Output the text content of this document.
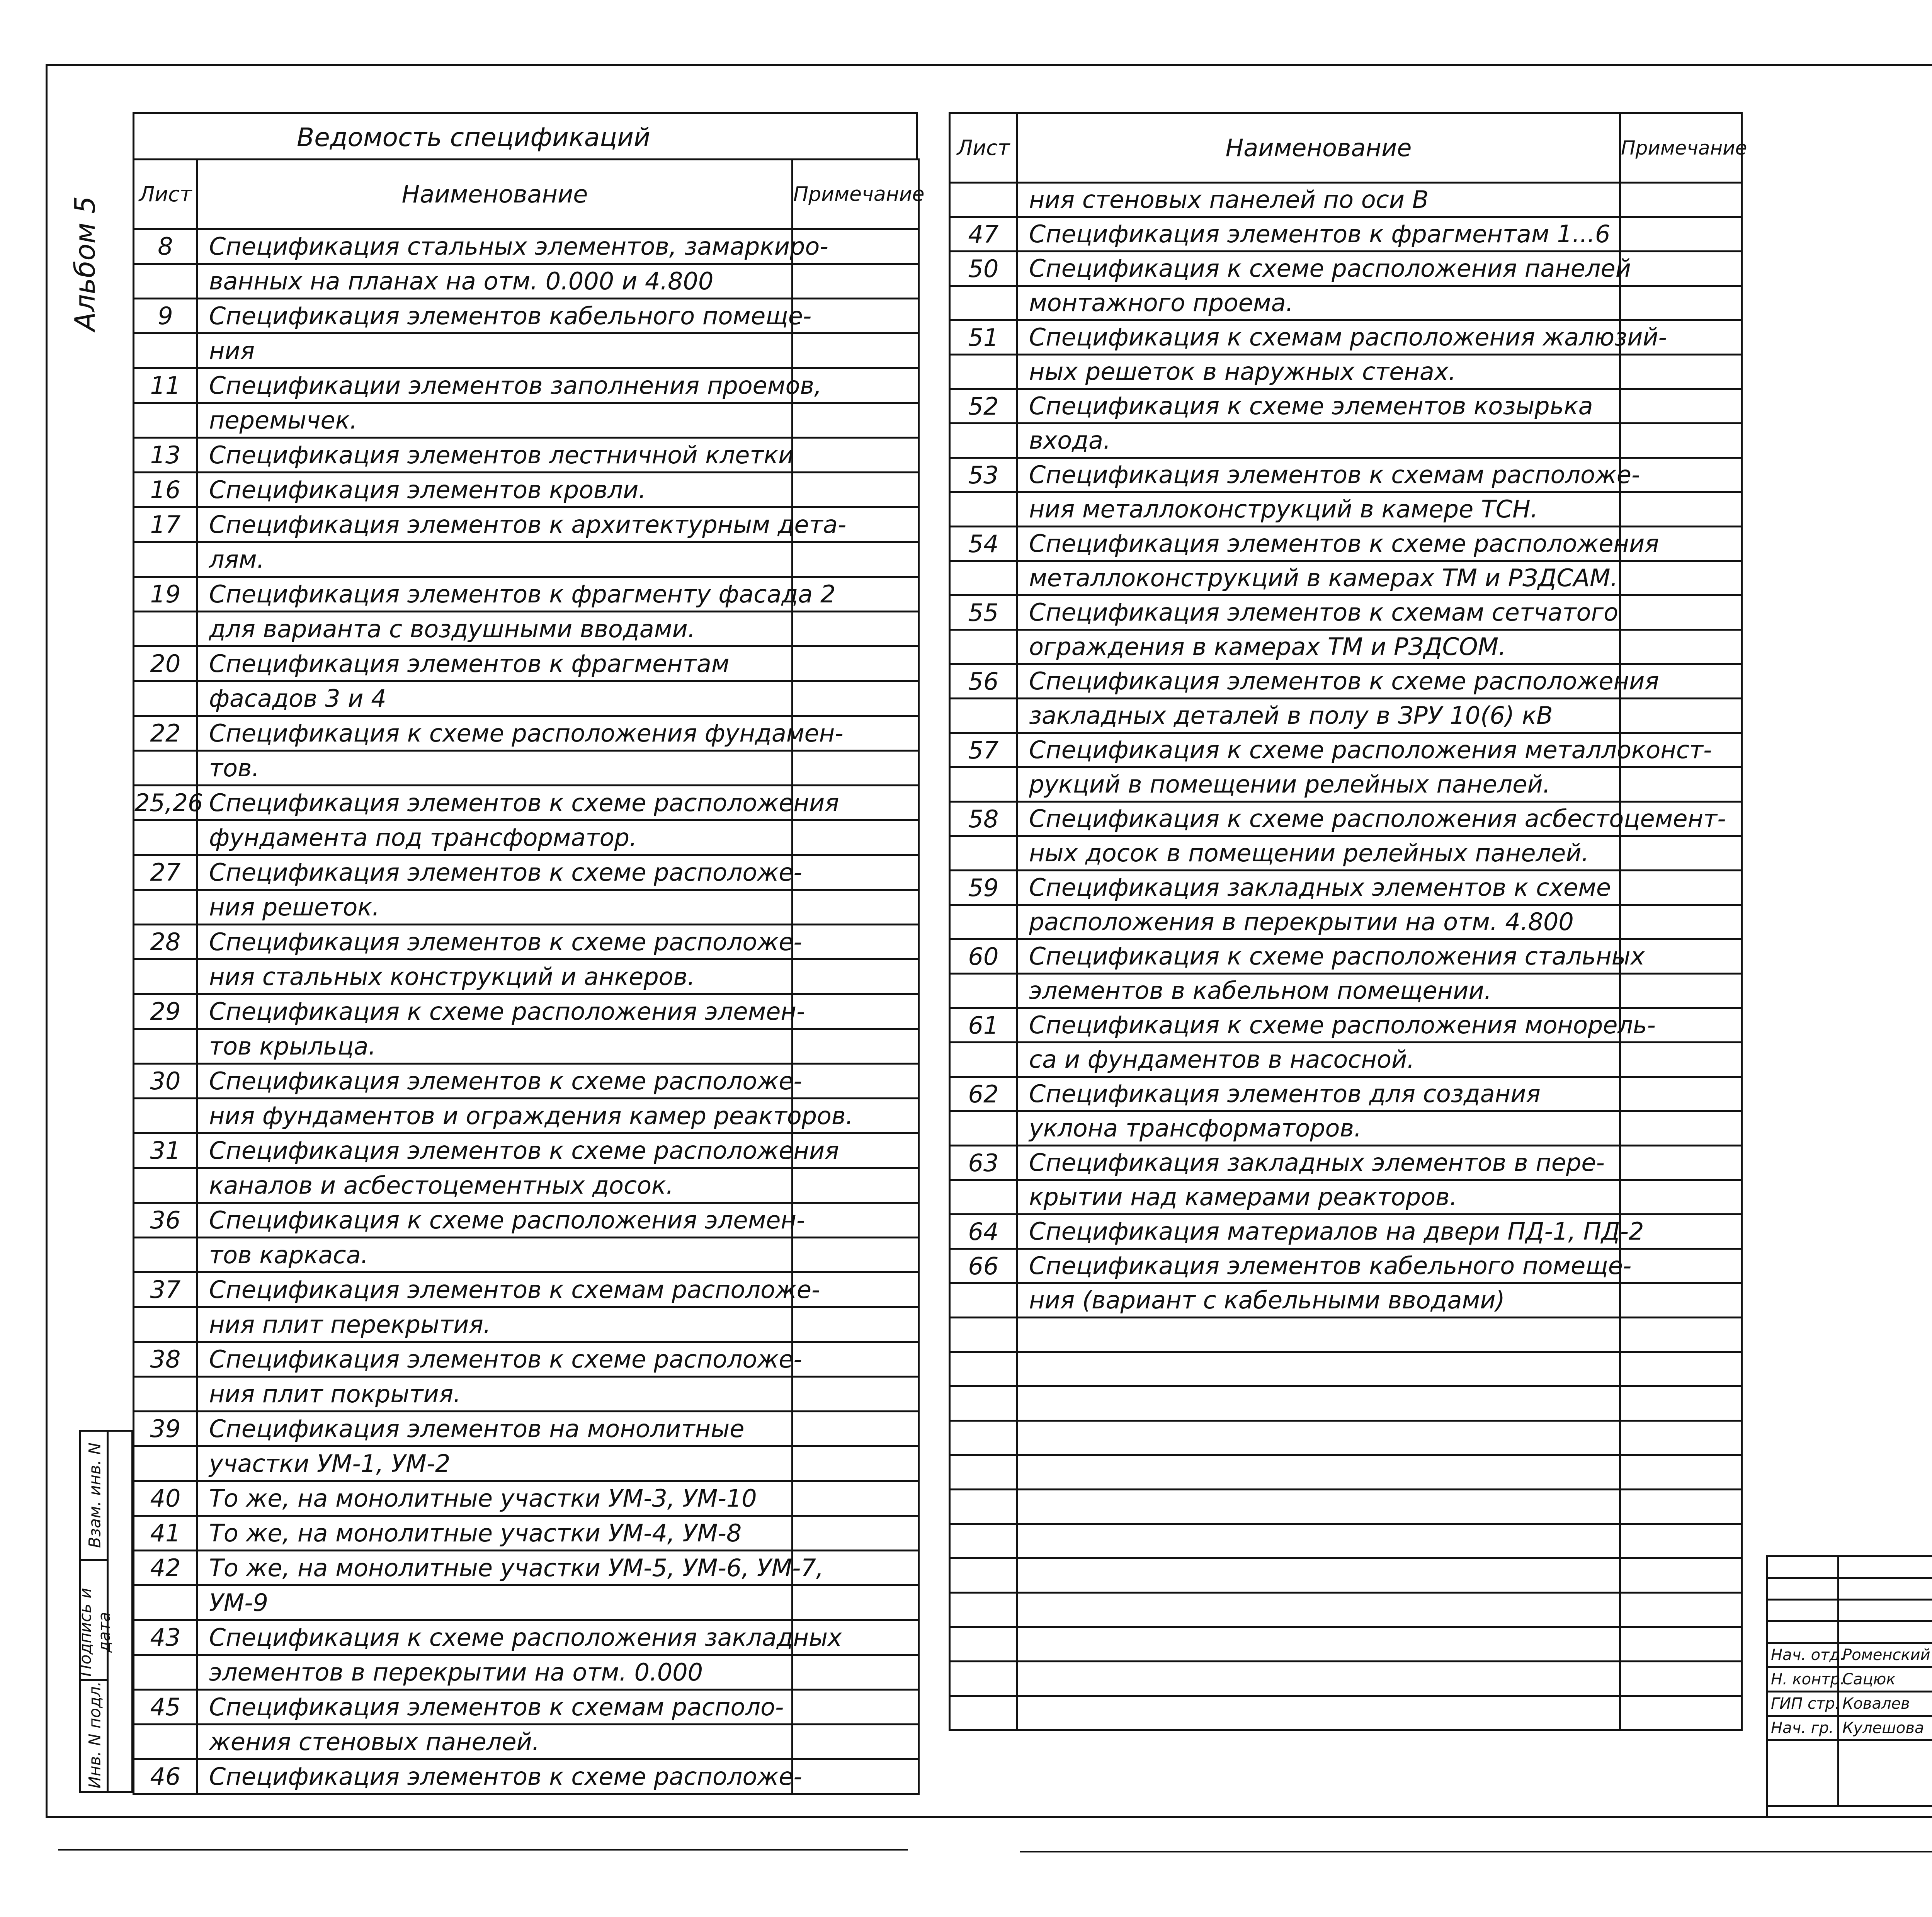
Альбом 5
Ведомость спецификаций
Лист	Наименование	Примечание
8	Спецификация стальных элементов, замаркиро-	
	ванных на планах на отм. 0.000 и 4.800	
9	Спецификация элементов кабельного помеще-	
	ния	
11	Спецификации элементов заполнения проемов,	
	перемычек.	
13	Спецификация элементов лестничной клетки	
16	Спецификация элементов кровли.	
17	Спецификация элементов к архитектурным дета-	
	лям.	
19	Спецификация элементов к фрагменту фасада 2	
	для варианта с воздушными вводами.	
20	Спецификация элементов к фрагментам	
	фасадов 3 и 4	
22	Спецификация к схеме расположения фундамен-	
	тов.	
25,26	Спецификация элементов к схеме расположения	
	фундамента под трансформатор.	
27	Спецификация элементов к схеме расположе-	
	ния решеток.	
28	Спецификация элементов к схеме расположе-	
	ния стальных конструкций и анкеров.	
29	Спецификация к схеме расположения элемен-	
	тов крыльца.	
30	Спецификация элементов к схеме расположе-	
	ния фундаментов и ограждения камер реакторов.	
31	Спецификация элементов к схеме расположения	
	каналов и асбестоцементных досок.	
36	Спецификация к схеме расположения элемен-	
	тов каркаса.	
37	Спецификация элементов к схемам расположе-	
	ния плит перекрытия.	
38	Спецификация элементов к схеме расположе-	
	ния плит покрытия.	
39	Спецификация элементов на монолитные	
	участки УМ-1, УМ-2	
40	То же, на монолитные участки УМ-3, УМ-10	
41	То же, на монолитные участки УМ-4, УМ-8	
42	То же, на монолитные участки УМ-5, УМ-6, УМ-7,	
	УМ-9	
43	Спецификация к схеме расположения закладных	
	элементов в перекрытии на отм. 0.000	
45	Спецификация элементов к схемам располо-	
	жения стеновых панелей.	
46	Спецификация элементов к схеме расположе-	
Лист	Наименование	Примечание
	ния стеновых панелей по оси В	
47	Спецификация элементов к фрагментам 1...6	
50	Спецификация к схеме расположения панелей	
	монтажного проема.	
51	Спецификация к схемам расположения жалюзий-	
	ных решеток в наружных стенах.	
52	Спецификация к схеме элементов козырька	
	входа.	
53	Спецификация элементов к схемам расположе-	
	ния металлоконструкций в камере ТСН.	
54	Спецификация элементов к схеме расположения	
	металлоконструкций в камерах ТМ и РЗДСАМ.	
55	Спецификация элементов к схемам сетчатого	
	ограждения в камерах ТМ и РЗДСОМ.	
56	Спецификация элементов к схеме расположения	
	закладных деталей в полу в ЗРУ 10(6) кВ	
57	Спецификация к схеме расположения металлоконст-	
	рукций в помещении релейных панелей.	
58	Спецификация к схеме расположения асбестоцемент-	
	ных досок в помещении релейных панелей.	
59	Спецификация закладных элементов к схеме	
	расположения в перекрытии на отм. 4.800	
60	Спецификация к схеме расположения стальных	
	элементов в кабельном помещении.	
61	Спецификация к схеме расположения монорель-	
	са и фундаментов в насосной.	
62	Спецификация элементов для создания	
	уклона трансформаторов.	
63	Спецификация закладных элементов в пере-	
	крытии над камерами реакторов.	
64	Спецификация материалов на двери ПД-1, ПД-2	
66	Спецификация элементов кабельного помеще-	
	ния (вариант с кабельными вводами)	

Взам. инв. N
Подпись и дата
Инв. N подл.

Нач. отд.	Роменский		
Н. контр.	Сацюк		
ГИП стр.	Ковалев		
Нач. гр.	Кулешова		
